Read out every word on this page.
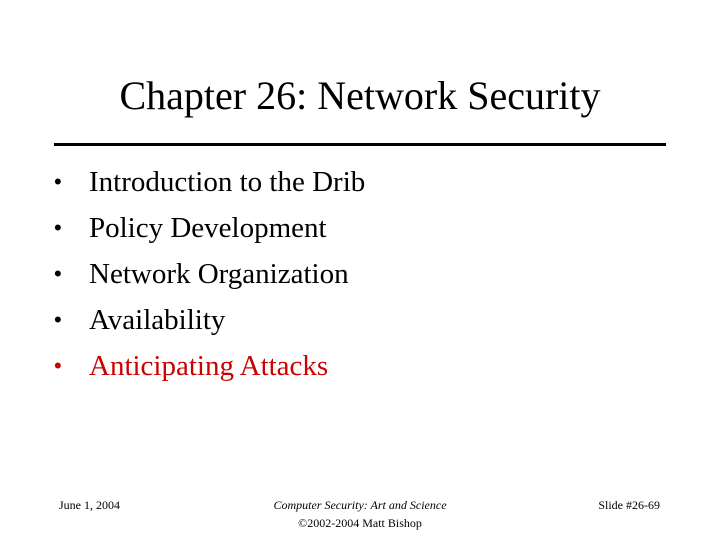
Chapter 26: Network Security
• Introduction to the Drib
• Policy Development
• Network Organization
• Availability
• Anticipating Attacks
June 1, 2004	Computer Security: Art and Science
©2002-2004 Matt Bishop
Slide #26-69
